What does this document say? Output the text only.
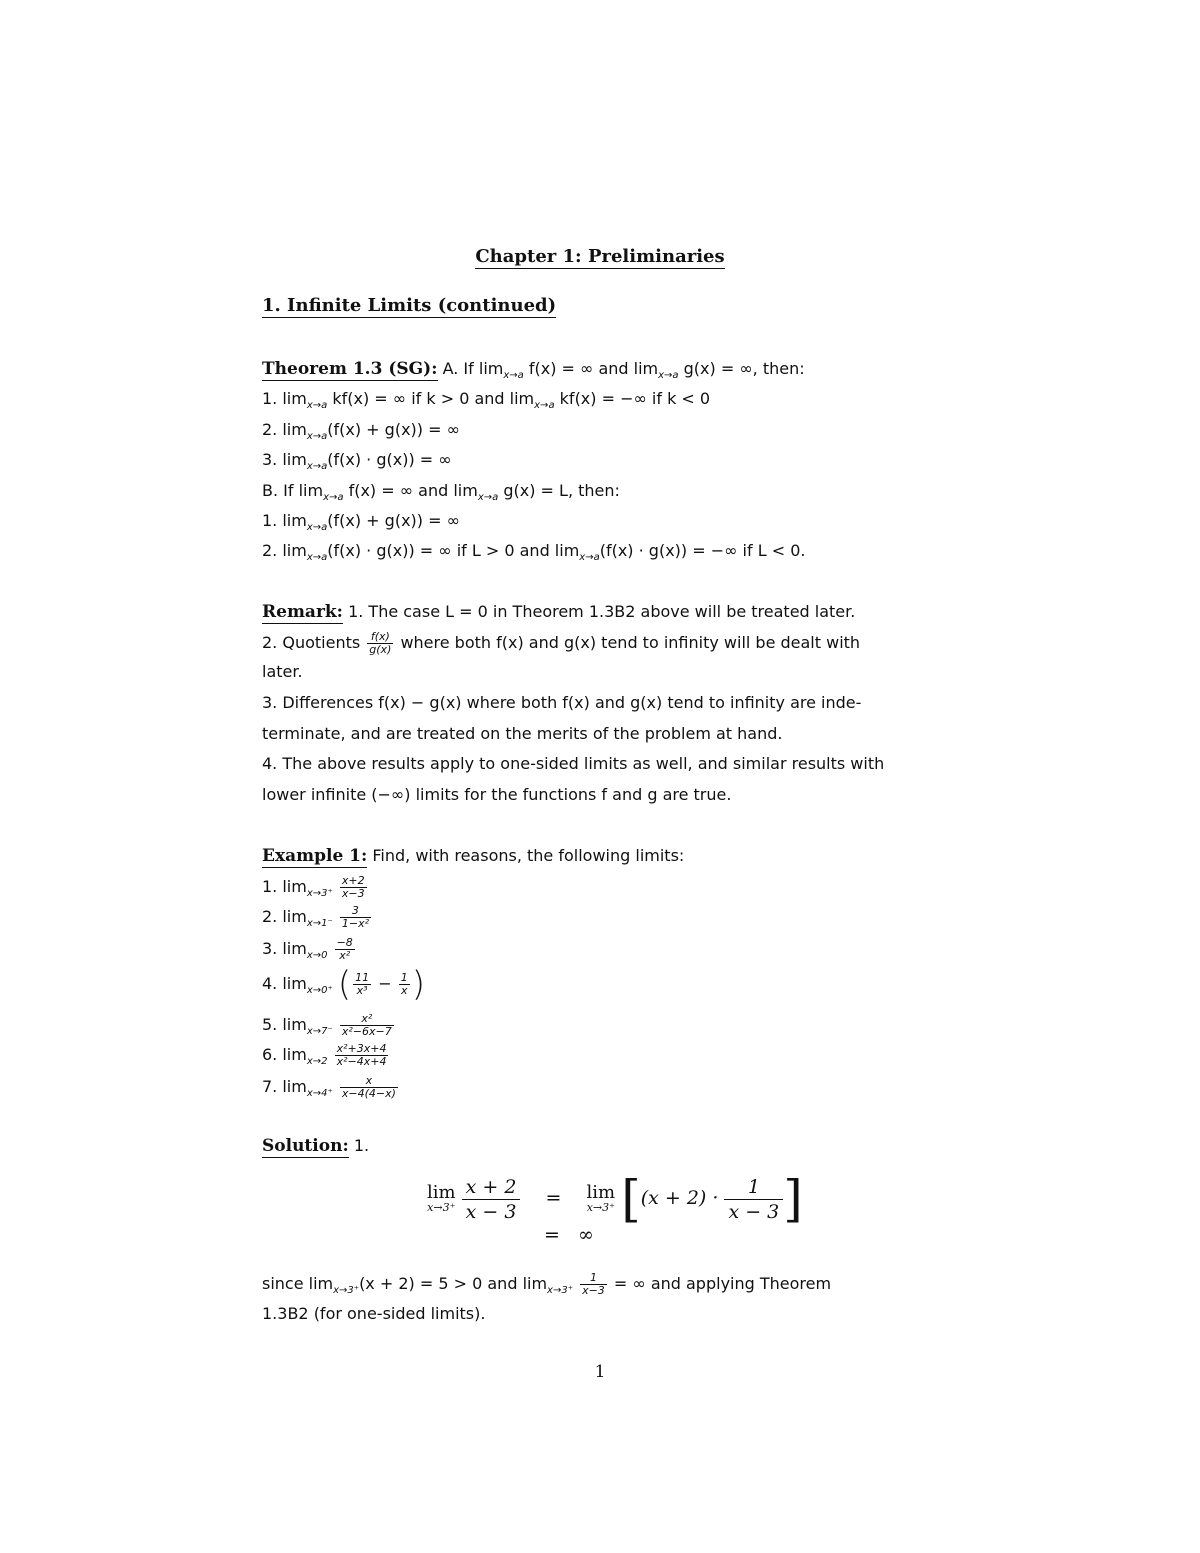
Chapter 1: Preliminaries
1. Infinite Limits (continued)
Theorem 1.3 (SG): A. If $\lim_{x\to a} f(x)$ = ∞ and $\lim_{x\to a} g(x)$ = ∞, then:
1. $\lim_{x\to a} kf(x)$ = ∞ if k > 0 and $\lim_{x\to a} kf(x)$ = −∞ if k < 0
2. $\lim_{x\to a}(f(x) + g(x))$ = ∞
3. $\lim_{x\to a}(f(x) \cdot g(x))$ = ∞
B. If $\lim_{x\to a} f(x)$ = ∞ and $\lim_{x\to a} g(x) = L$, then:
1. $\lim_{x\to a}(f(x) + g(x))$ = ∞
2. $\lim_{x\to a}(f(x) \cdot g(x))$ = ∞ if L > 0 and $\lim_{x\to a}(f(x) \cdot g(x))$ = −∞ if L < 0.
Remark: 1. The case L = 0 in Theorem 1.3B2 above will be treated later.
2. Quotients $\frac{f(x)}{g(x)}$ where both f(x) and g(x) tend to infinity will be dealt with
later.
3. Differences f(x) − g(x) where both f(x) and g(x) tend to infinity are inde-
terminate, and are treated on the merits of the problem at hand.
4. The above results apply to one-sided limits as well, and similar results with
lower infinite (−∞) limits for the functions f and g are true.
Example 1: Find, with reasons, the following limits:
1. $\lim_{x\to 3^+} \frac{x+2}{x-3}$
2. $\lim_{x\to 1^-} \frac{3}{\text{1−x²}}$
3. $\lim_{x\to 0} \frac{-8}{\text{x²}}$
4. $\lim_{x\to 0^+}$ ( $\frac{11}{\text{x³}} - \frac{1}{x}$ )
5. $\lim_{x\to 7^-} \frac{\text{x²}}{\text{x²−6x−7}}$
6. $\lim_{x\to 2} \frac{\text{x²+3x+4}}{\text{x²−4x+4}}$
7. $\lim_{x\to 4^+} \frac{x}{x-4(4-x)}$
Solution: 1.
lim
x→3⁺
$\frac{x + 2}{x - 3} = \lim$
x→3⁺ [$(x + 2) \cdot \frac{1}{x - 3}$ ]
= ∞
since $\lim_{x\to 3^+}(x + 2) = 5 > 0$ and $\lim_{x\to 3^+} \frac{1}{x-3}$ = ∞ and applying Theorem
1.3B2 (for one-sided limits).
1
